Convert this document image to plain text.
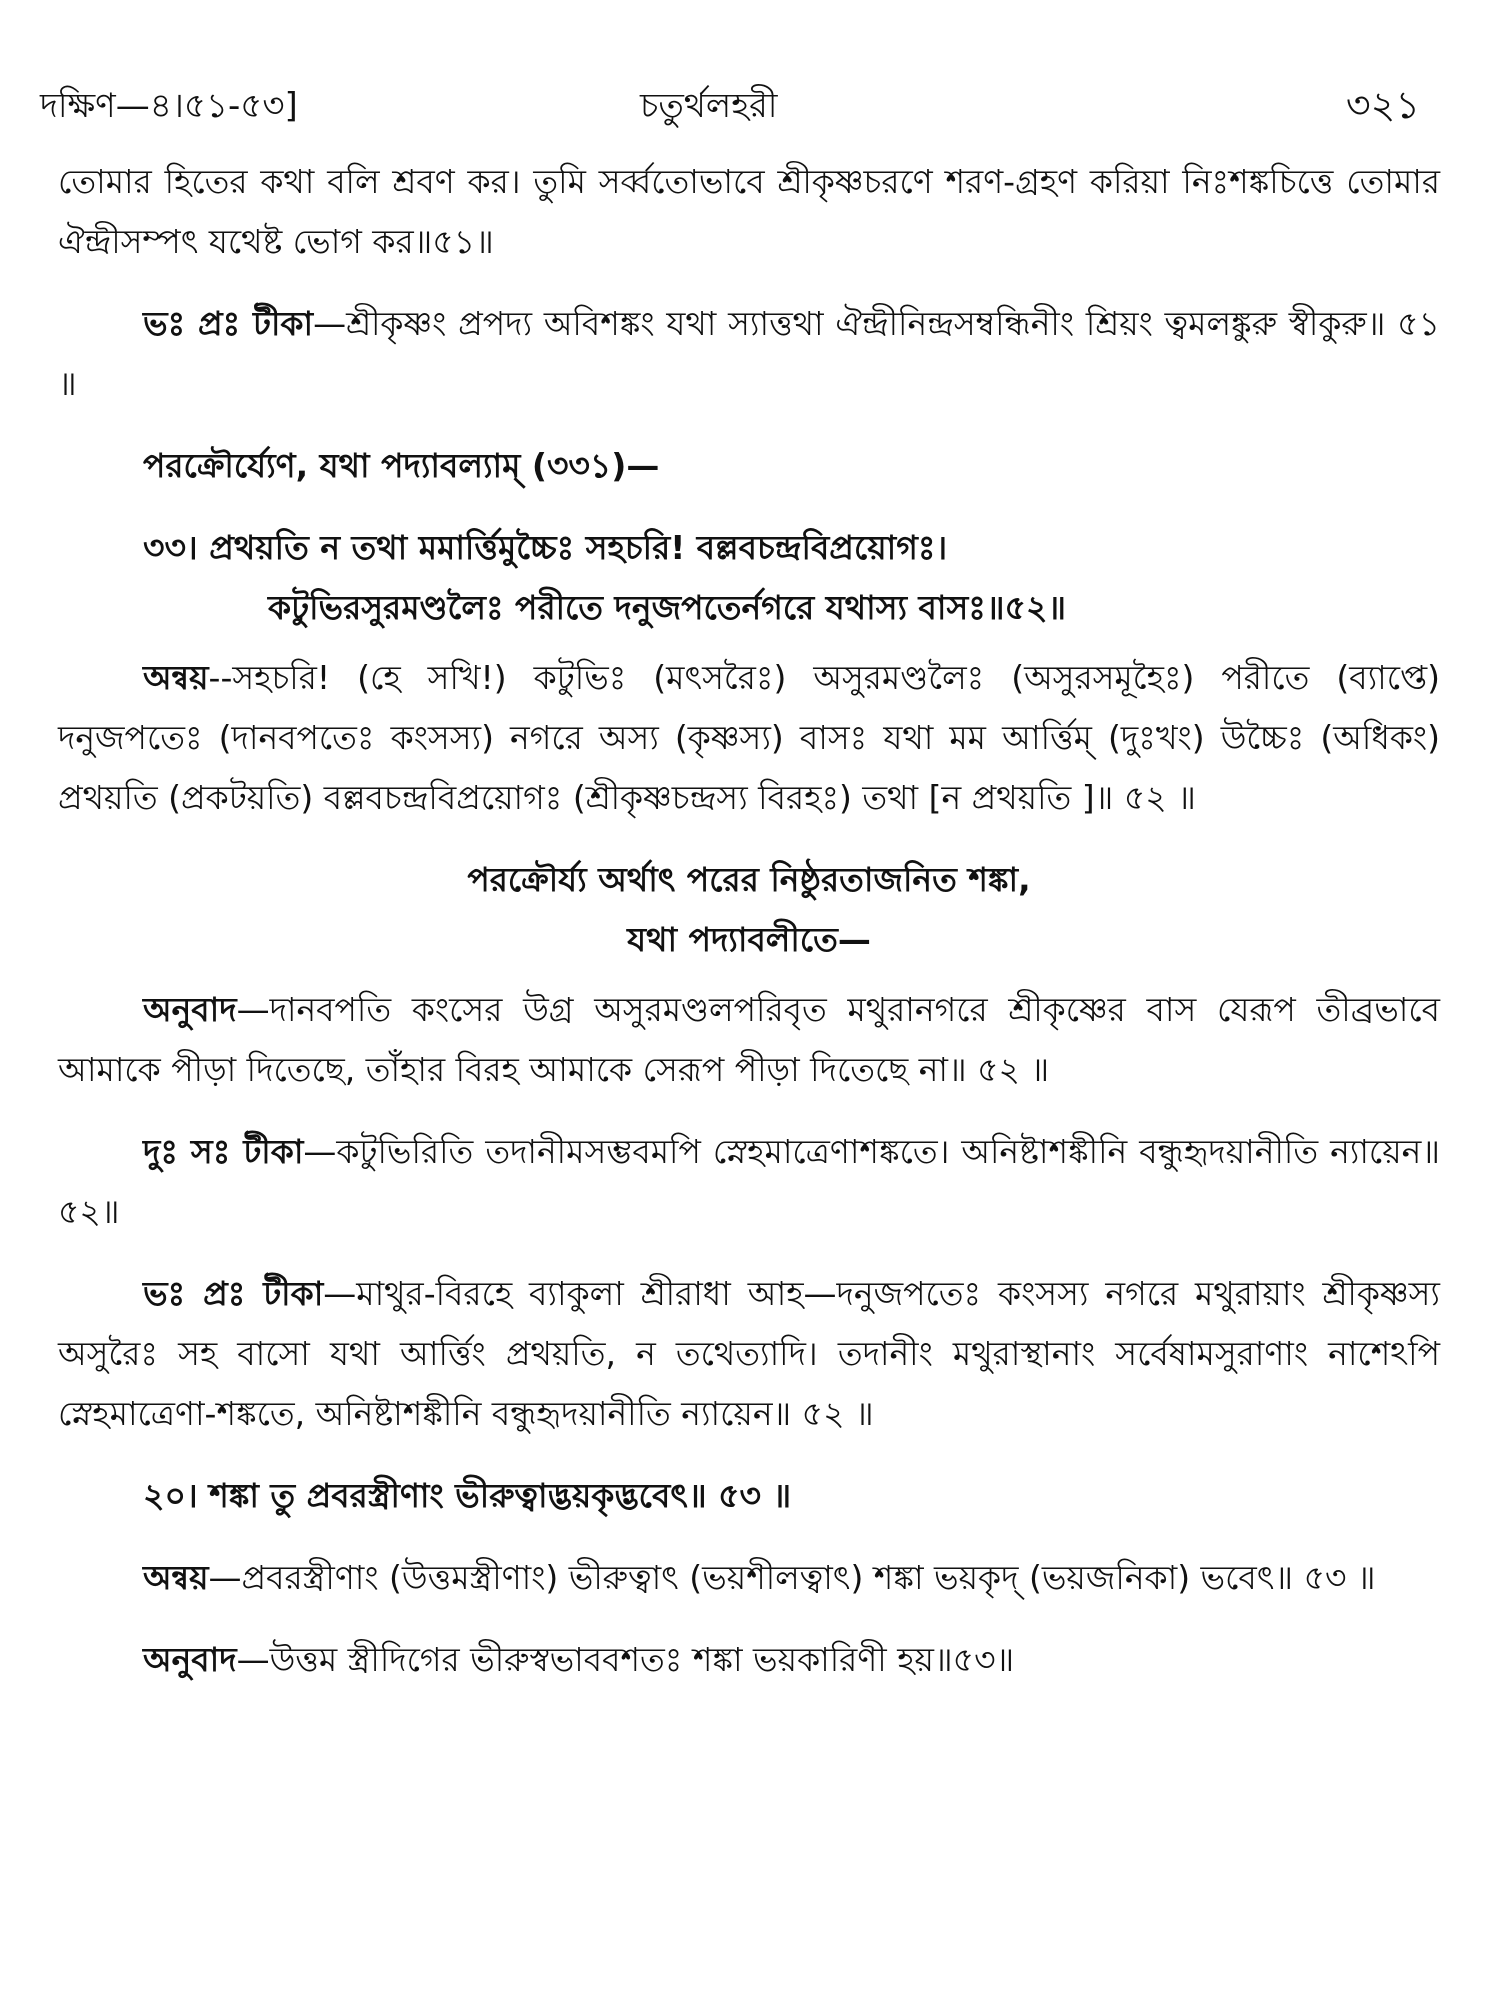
দক্ষিণ—৪।৫১-৫৩]	চতুর্থলহরী	৩২১

তোমার হিতের কথা বলি শ্রবণ কর। তুমি সর্ব্বতোভাবে শ্রীকৃষ্ণচরণে শরণ-গ্রহণ করিয়া নিঃশঙ্কচিত্তে তোমার ঐন্দ্রীসম্পৎ যথেষ্ট ভোগ কর॥৫১॥

ভঃ প্রঃ টীকা—শ্রীকৃষ্ণং প্রপদ্য অবিশঙ্কং যথা স্যাত্তথা ঐন্দ্রীনিন্দ্রসম্বন্ধিনীং শ্রিয়ং ত্বমলঙ্কুরু স্বীকুরু॥ ৫১ ॥

পরক্রৌর্য্যেণ, যথা পদ্যাবল্যাম্ (৩৩১)—

৩৩। প্রথয়তি ন তথা মমার্ত্তিমুচ্চৈঃ সহচরি! বল্লবচন্দ্রবিপ্রয়োগঃ।
কটুভিরসুরমণ্ডলৈঃ পরীতে দনুজপতের্নগরে যথাস্য বাসঃ॥৫২॥

অন্বয়--সহচরি! (হে সখি!) কটুভিঃ (মৎসরৈঃ) অসুরমণ্ডলৈঃ (অসুরসমূহৈঃ) পরীতে (ব্যাপ্তে) দনুজপতেঃ (দানবপতেঃ কংসস্য) নগরে অস্য (কৃষ্ণস্য) বাসঃ যথা মম আর্ত্তিম্ (দুঃখং) উচ্চৈঃ (অধিকং) প্রথয়তি (প্রকটয়তি) বল্লবচন্দ্রবিপ্রয়োগঃ (শ্রীকৃষ্ণচন্দ্রস্য বিরহঃ) তথা [ন প্রথয়তি ]॥ ৫২ ॥

পরক্রৌর্য্য অর্থাৎ পরের নিষ্ঠুরতাজনিত শঙ্কা,
যথা পদ্যাবলীতে—

অনুবাদ—দানবপতি কংসের উগ্র অসুরমণ্ডলপরিবৃত মথুরানগরে শ্রীকৃষ্ণের বাস যেরূপ তীব্রভাবে আমাকে পীড়া দিতেছে, তাঁহার বিরহ আমাকে সেরূপ পীড়া দিতেছে না॥ ৫২ ॥

দুঃ সঃ টীকা—কটুভিরিতি তদানীমসম্ভবমপি স্নেহমাত্রেণাশঙ্কতে। অনিষ্টাশঙ্কীনি বন্ধুহৃদয়ানীতি ন্যায়েন॥ ৫২॥

ভঃ প্রঃ টীকা—মাথুর-বিরহে ব্যাকুলা শ্রীরাধা আহ—দনুজপতেঃ কংসস্য নগরে মথুরায়াং শ্রীকৃষ্ণস্য অসুরৈঃ সহ বাসো যথা আর্ত্তিং প্রথয়তি, ন তথেত্যাদি। তদানীং মথুরাস্থানাং সর্বেষামসুরাণাং নাশেঽপি স্নেহমাত্রেণা-শঙ্কতে, অনিষ্টাশঙ্কীনি বন্ধুহৃদয়ানীতি ন্যায়েন॥ ৫২ ॥

২০। শঙ্কা তু প্রবরস্ত্রীণাং ভীরুত্বাদ্ভয়কৃদ্ভবেৎ॥ ৫৩ ॥

অন্বয়—প্রবরস্ত্রীণাং (উত্তমস্ত্রীণাং) ভীরুত্বাৎ (ভয়শীলত্বাৎ) শঙ্কা ভয়কৃদ্ (ভয়জনিকা) ভবেৎ॥ ৫৩ ॥

অনুবাদ—উত্তম স্ত্রীদিগের ভীরুস্বভাববশতঃ শঙ্কা ভয়কারিণী হয়॥৫৩॥
